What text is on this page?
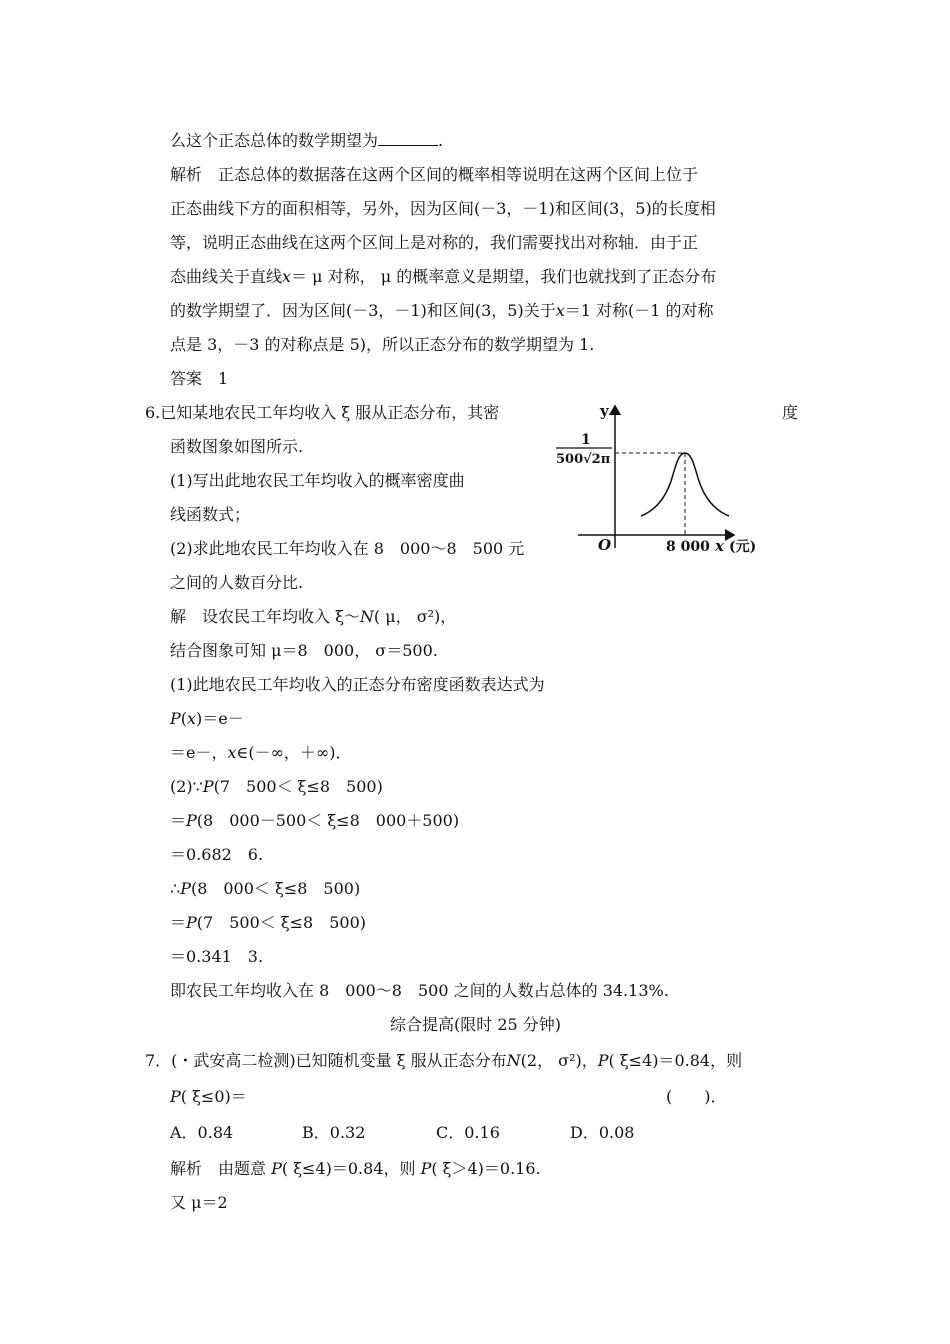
么这个正态总体的数学期望为	.
解析　正态总体的数据落在这两个区间的概率相等说明在这两个区间上位于
正态曲线下方的面积相等，另外，因为区间(－3，－1)和区间(3，5)的长度相
等，说明正态曲线在这两个区间上是对称的，我们需要找出对称轴．由于正
态曲线关于直线x＝ μ 对称， μ 的概率意义是期望，我们也就找到了正态分布
的数学期望了．因为区间(－3，－1)和区间(3，5)关于x＝1 对称(－1 的对称
点是 3，－3 的对称点是 5)，所以正态分布的数学期望为 1.
答案　1
6.已知某地农民工年均收入 ξ 服从正态分布，其密	度
函数图象如图所示.
(1)写出此地农民工年均收入的概率密度曲
线函数式；
(2)求此地农民工年均收入在 8　000～8　500 元
之间的人数百分比.
y
1
500√2π
O	8 000 x (元)
解　设农民工年均收入 ξ～N( μ， σ²)，
结合图象可知 μ＝8　000， σ＝500.
(1)此地农民工年均收入的正态分布密度函数表达式为
P(x)＝e－
＝e－，x∈(－∞，＋∞)．
(2)∵P(7　500＜ ξ≤8　500)
＝P(8　000－500＜ ξ≤8　000＋500)
＝0.682　6.
∴P(8　000＜ ξ≤8　500)
＝P(7　500＜ ξ≤8　500)
＝0.341　3.
即农民工年均收入在 8　000～8　500 之间的人数占总体的 34.13%.
综合提高(限时 25 分钟)
7．(・武安高二检测)已知随机变量 ξ 服从正态分布N(2， σ²)，P( ξ≤4)＝0.84，则
P( ξ≤0)＝	(　　)．
A．0.84	B．0.32	C．0.16	D．0.08
解析　由题意 P( ξ≤4)＝0.84，则 P( ξ＞4)＝0.16.
又 μ＝2
